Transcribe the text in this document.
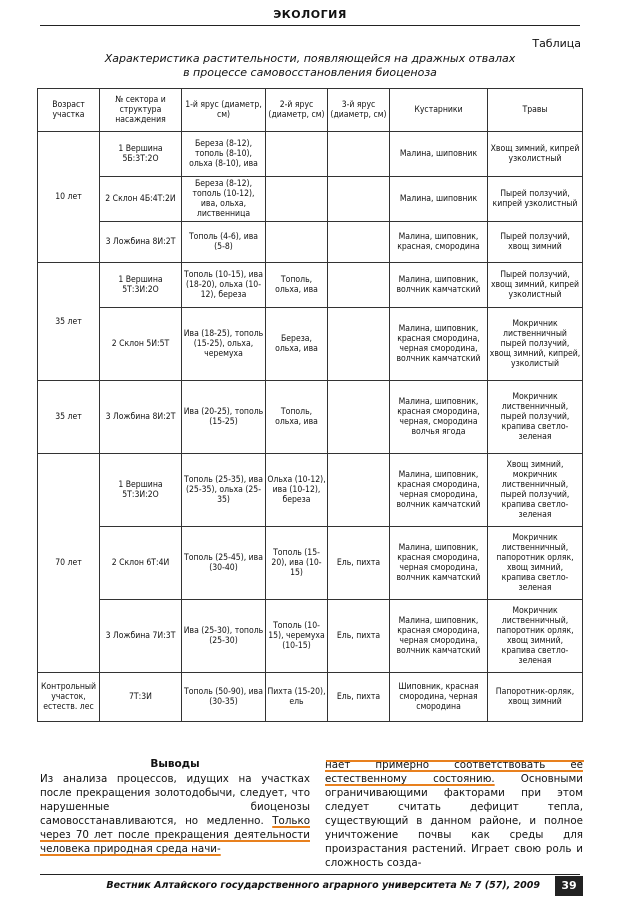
ЭКОЛОГИЯ
Таблица
Характеристика растительности, появляющейся на дражных отвалах
в процессе самовосстановления биоценоза
Возраст участка	№ сектора и структура насаждения	1-й ярус (диаметр, см)	2-й ярус (диаметр, см)	3-й ярус (диаметр, см)	Кустарники	Травы
10 лет	1 Вершина 5Б:3Т:2О	Береза (8-12), тополь (8-10), ольха (8-10), ива			Малина, шиповник	Хвощ зимний, кипрей узколистный
	2 Склон 4Б:4Т:2И	Береза (8-12), тополь (10-12), ива, ольха, лиственница			Малина, шиповник	Пырей ползучий, кипрей узколистный
	3 Ложбина 8И:2Т	Тополь (4-6), ива (5-8)			Малина, шиповник, красная, смородина	Пырей ползучий, хвощ зимний
35 лет	1 Вершина 5Т:3И:2О	Тополь (10-15), ива (18-20), ольха (10-12), береза	Тополь, ольха, ива		Малина, шиповник, волчник камчатский	Пырей ползучий, хвощ зимний, кипрей узколистный
	2 Склон 5И:5Т	Ива (18-25), тополь (15-25), ольха, черемуха	Береза, ольха, ива		Малина, шиповник, красная смородина, черная смородина, волчник камчатский	Мокричник лиственничный пырей ползучий, хвощ зимний, кипрей, узколистый
35 лет	3 Ложбина 8И:2Т	Ива (20-25), тополь (15-25)	Тополь, ольха, ива		Малина, шиповник, красная смородина, черная, смородина волчья ягода	Мокричник лиственничный, пырей ползучий, крапива светло-зеленая
70 лет	1 Вершина 5Т:3И:2О	Тополь (25-35), ива (25-35), ольха (25-35)	Ольха (10-12), ива (10-12), береза		Малина, шиповник, красная смородина, черная смородина, волчник камчатский	Хвощ зимний, мокричник лиственничный, пырей ползучий, крапива светло-зеленая
	2 Склон 6Т:4И	Тополь (25-45), ива (30-40)	Тополь (15-20), ива (10-15)	Ель, пихта	Малина, шиповник, красная смородина, черная смородина, волчник камчатский	Мокричник лиственничный, папоротник орляк, хвощ зимний, крапива светло-зеленая
	3 Ложбина 7И:3Т	Ива (25-30), тополь (25-30)	Тополь (10-15), черемуха (10-15)	Ель, пихта	Малина, шиповник, красная смородина, черная смородина, волчник камчатский	Мокричник лиственничный, папоротник орляк, хвощ зимний, крапива светло-зеленая
Контрольный участок, естеств. лес	7Т:3И	Тополь (50-90), ива (30-35)	Пихта (15-20), ель	Ель, пихта	Шиповник, красная смородина, черная смородина	Папоротник-орляк, хвощ зимний
Выводы
Из анализа процессов, идущих на участках после прекращения золотодобычи, следует, что нарушенные биоценозы самовосстанавливаются, но медленно. Только через 70 лет после прекращения деятельности человека природная среда начи-
нает примерно соответствовать ее естественному состоянию. Основными ограничивающими факторами при этом следует считать дефицит тепла, существующий в данном районе, и полное уничтожение почвы как среды для произрастания растений. Играет свою роль и сложность созда-
Вестник Алтайского государственного аграрного университета № 7 (57), 2009	39
